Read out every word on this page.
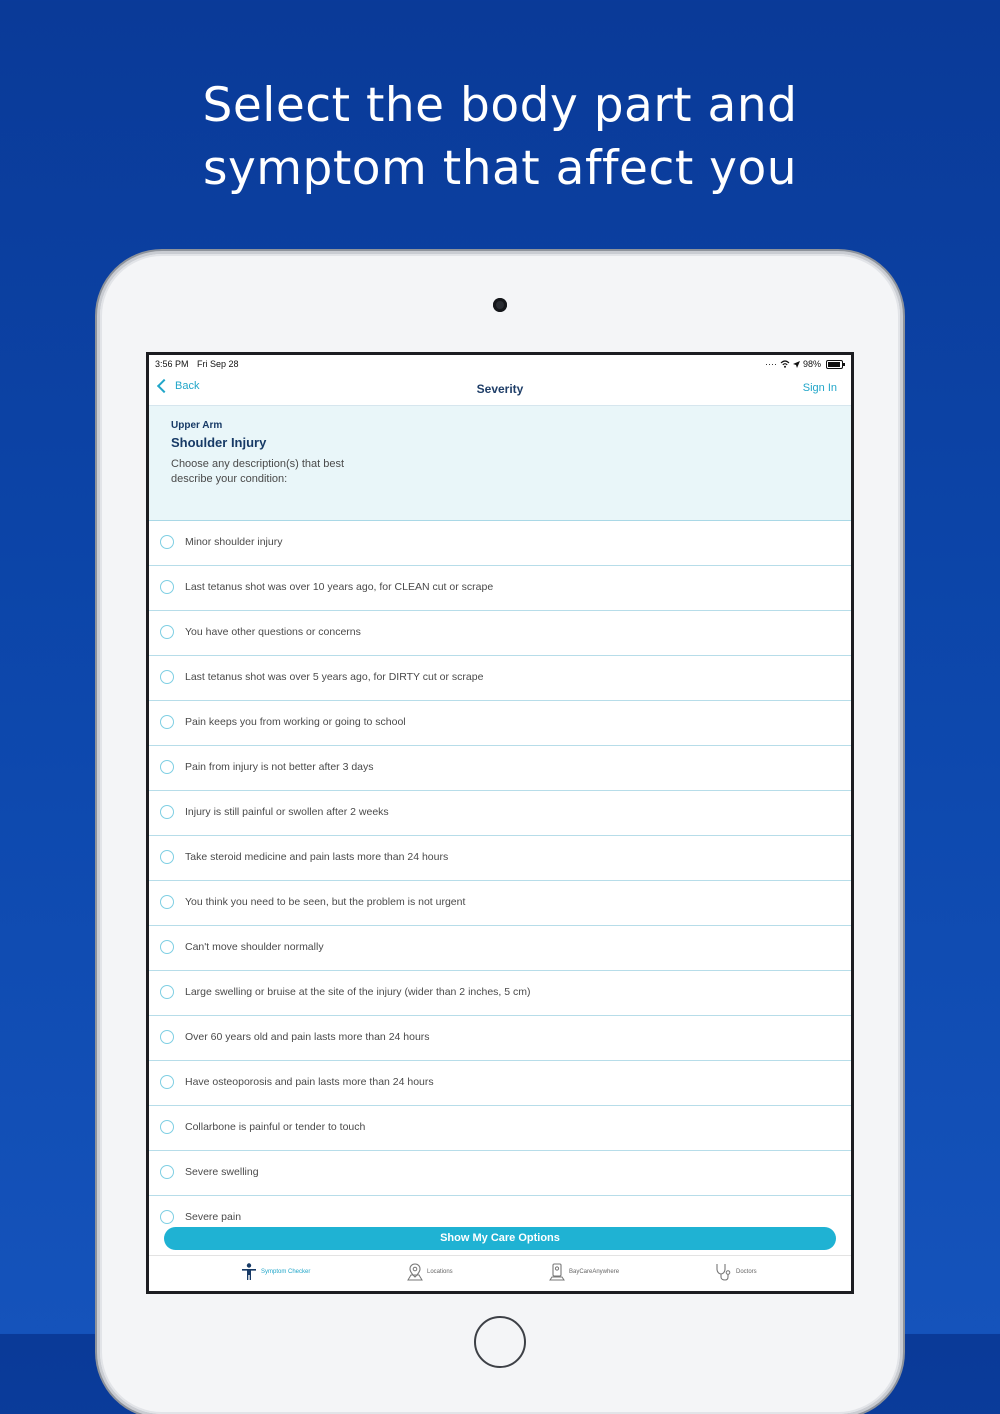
Select the body part and
symptom that affect you
3:56 PM Fri Sep 28	····	98%
Back	Severity	Sign In
Upper Arm
Shoulder Injury
Choose any description(s) that best describe your condition:
Minor shoulder injury
Last tetanus shot was over 10 years ago, for CLEAN cut or scrape
You have other questions or concerns
Last tetanus shot was over 5 years ago, for DIRTY cut or scrape
Pain keeps you from working or going to school
Pain from injury is not better after 3 days
Injury is still painful or swollen after 2 weeks
Take steroid medicine and pain lasts more than 24 hours
You think you need to be seen, but the problem is not urgent
Can't move shoulder normally
Large swelling or bruise at the site of the injury (wider than 2 inches, 5 cm)
Over 60 years old and pain lasts more than 24 hours
Have osteoporosis and pain lasts more than 24 hours
Collarbone is painful or tender to touch
Severe swelling
Severe pain
Show My Care Options
Symptom Checker	Locations	BayCareAnywhere	Doctors
